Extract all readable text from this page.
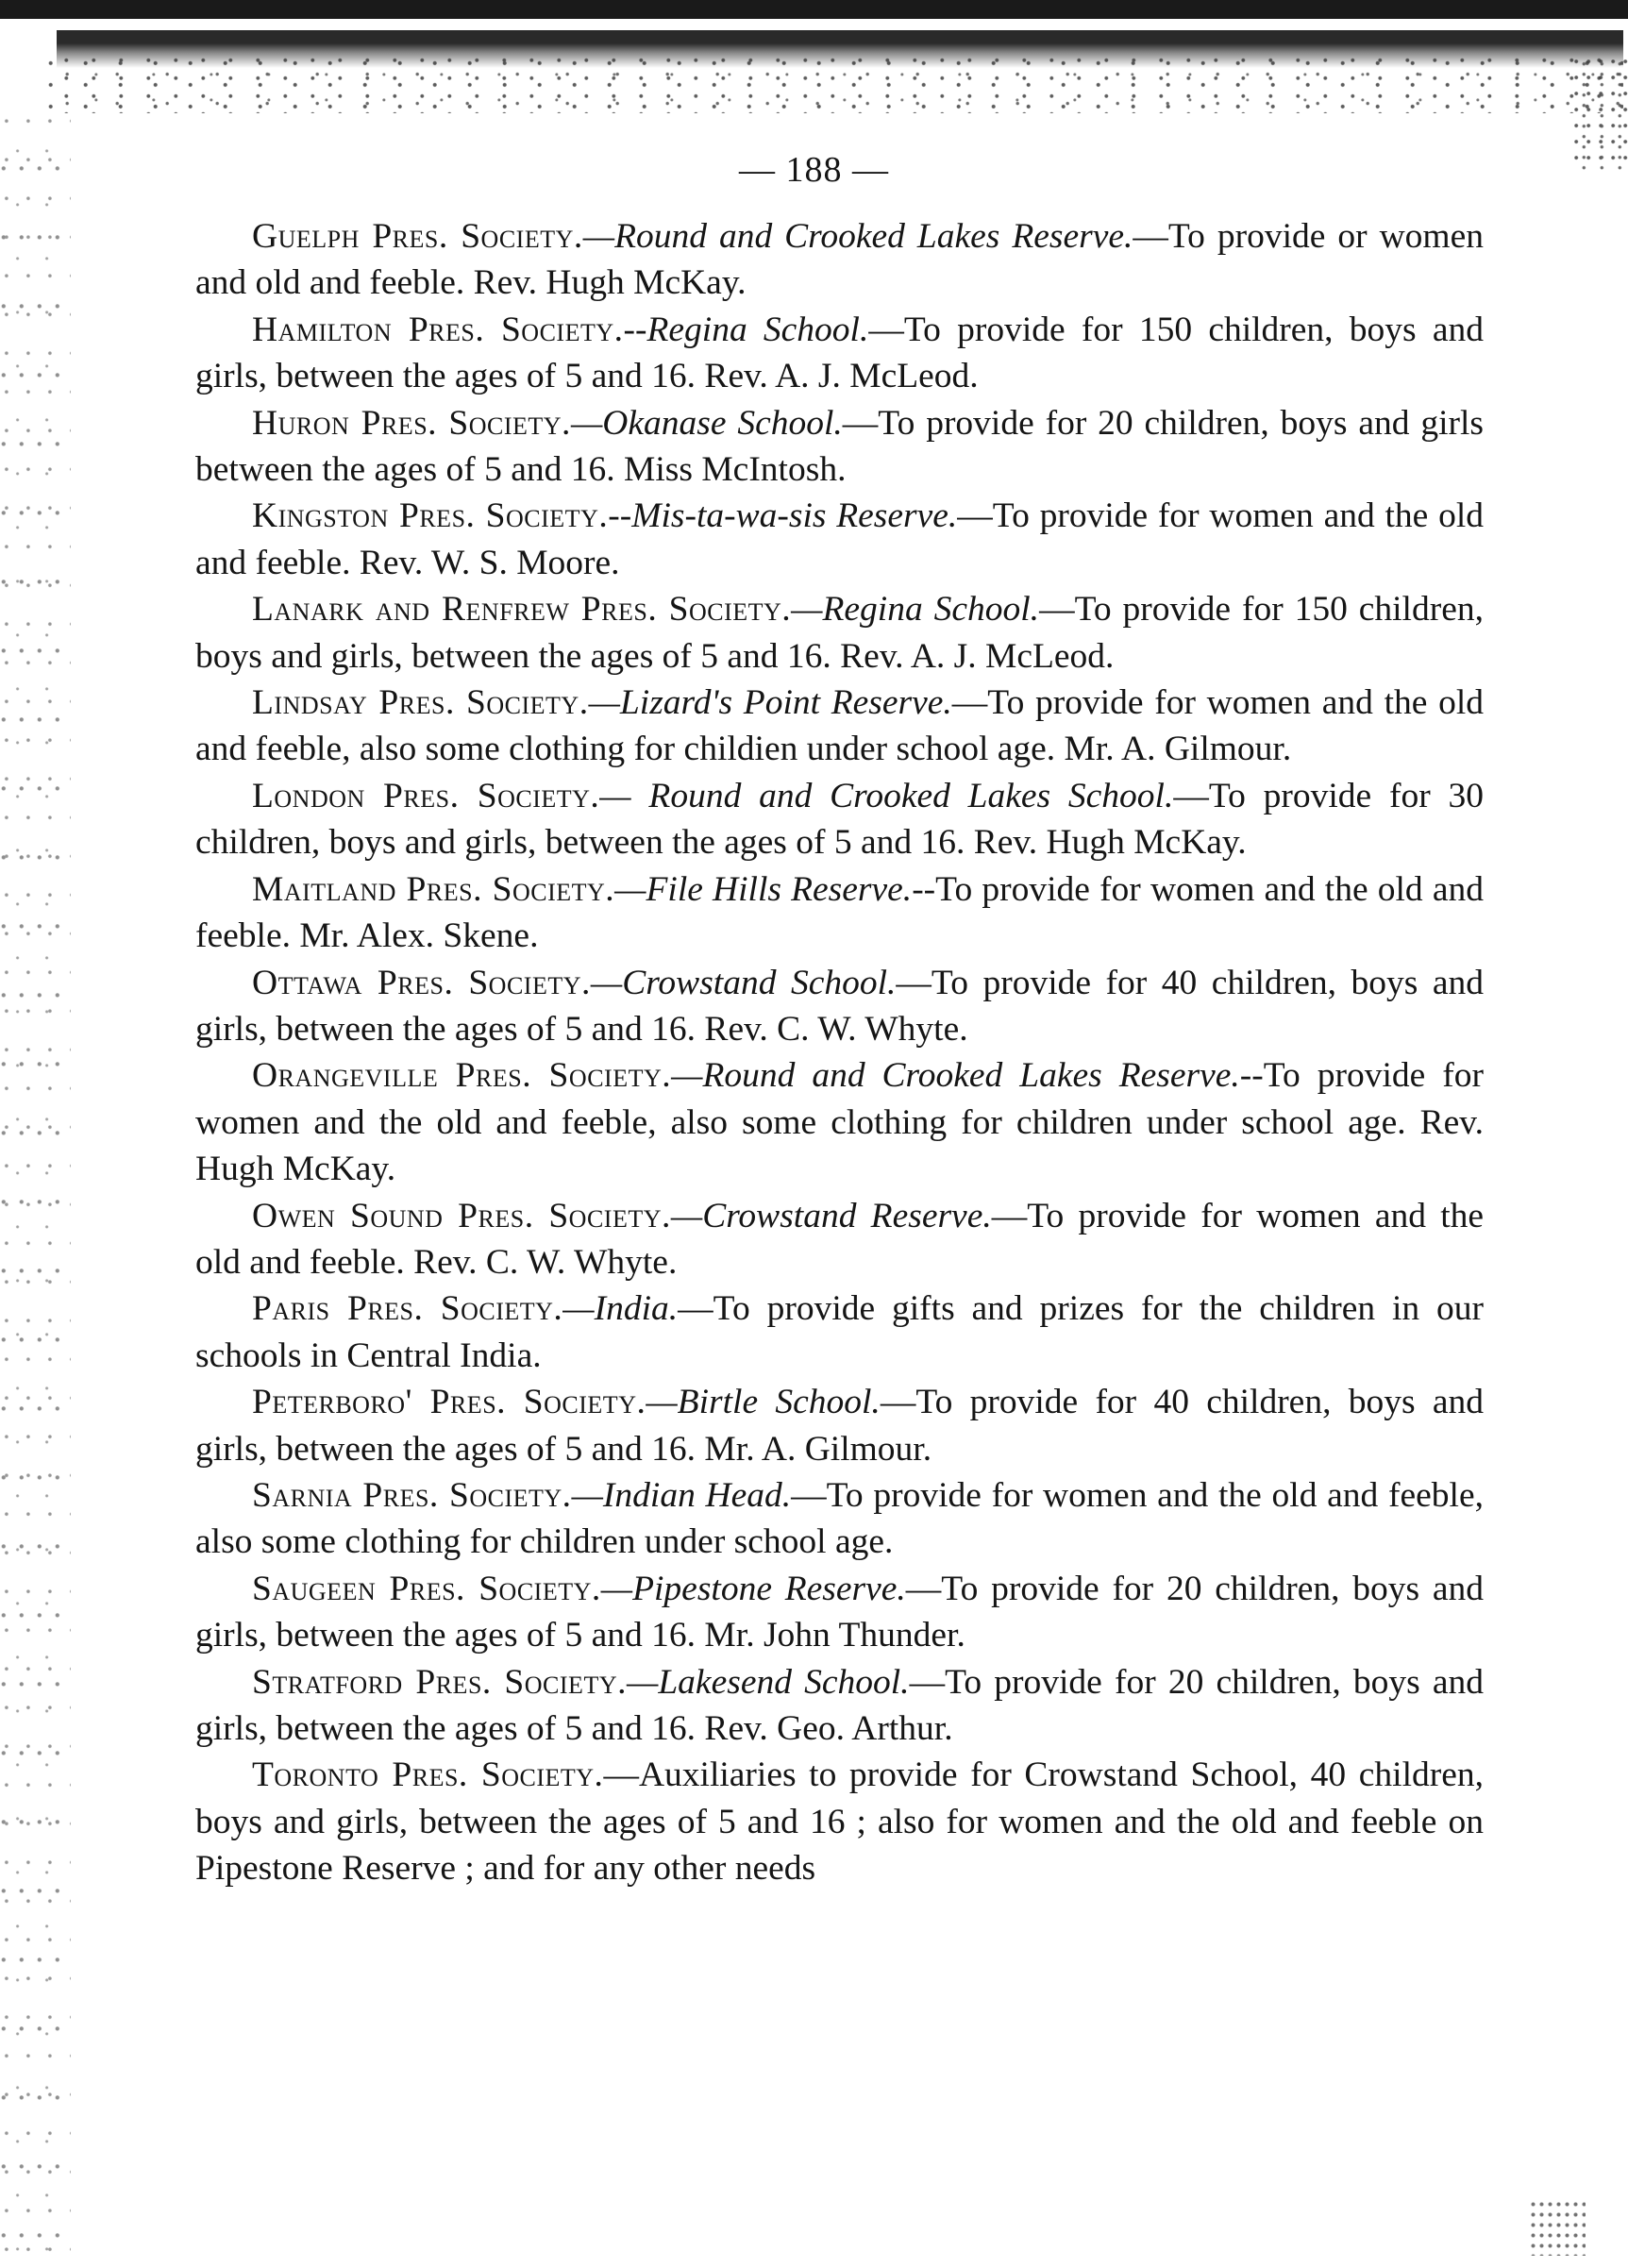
— 188 —

Guelph Pres. Society.—Round and Crooked Lakes Reserve.—To provide or women and old and feeble. Rev. Hugh McKay.

Hamilton Pres. Society.--Regina School.—To provide for 150 children, boys and girls, between the ages of 5 and 16. Rev. A. J. McLeod.

Huron Pres. Society.—Okanase School.—To provide for 20 children, boys and girls between the ages of 5 and 16. Miss McIntosh.

Kingston Pres. Society.--Mis-ta-wa-sis Reserve.—To provide for women and the old and feeble. Rev. W. S. Moore.

Lanark and Renfrew Pres. Society.—Regina School.—To provide for 150 children, boys and girls, between the ages of 5 and 16. Rev. A. J. McLeod.

Lindsay Pres. Society.—Lizard's Point Reserve.—To provide for women and the old and feeble, also some clothing for childien under school age. Mr. A. Gilmour.

London Pres. Society.— Round and Crooked Lakes School.—To provide for 30 children, boys and girls, between the ages of 5 and 16. Rev. Hugh McKay.

Maitland Pres. Society.—File Hills Reserve.--To provide for women and the old and feeble. Mr. Alex. Skene.

Ottawa Pres. Society.—Crowstand School.—To provide for 40 children, boys and girls, between the ages of 5 and 16. Rev. C. W. Whyte.

Orangeville Pres. Society.—Round and Crooked Lakes Reserve.--To provide for women and the old and feeble, also some clothing for children under school age. Rev. Hugh McKay.

Owen Sound Pres. Society.—Crowstand Reserve.—To provide for women and the old and feeble. Rev. C. W. Whyte.

Paris Pres. Society.—India.—To provide gifts and prizes for the children in our schools in Central India.

Peterboro' Pres. Society.—Birtle School.—To provide for 40 children, boys and girls, between the ages of 5 and 16. Mr. A. Gilmour.

Sarnia Pres. Society.—Indian Head.—To provide for women and the old and feeble, also some clothing for children under school age.

Saugeen Pres. Society.—Pipestone Reserve.—To provide for 20 children, boys and girls, between the ages of 5 and 16. Mr. John Thunder.

Stratford Pres. Society.—Lakesend School.—To provide for 20 children, boys and girls, between the ages of 5 and 16. Rev. Geo. Arthur.

Toronto Pres. Society.—Auxiliaries to provide for Crowstand School, 40 children, boys and girls, between the ages of 5 and 16 ; also for women and the old and feeble on Pipestone Reserve ; and for any other needs
